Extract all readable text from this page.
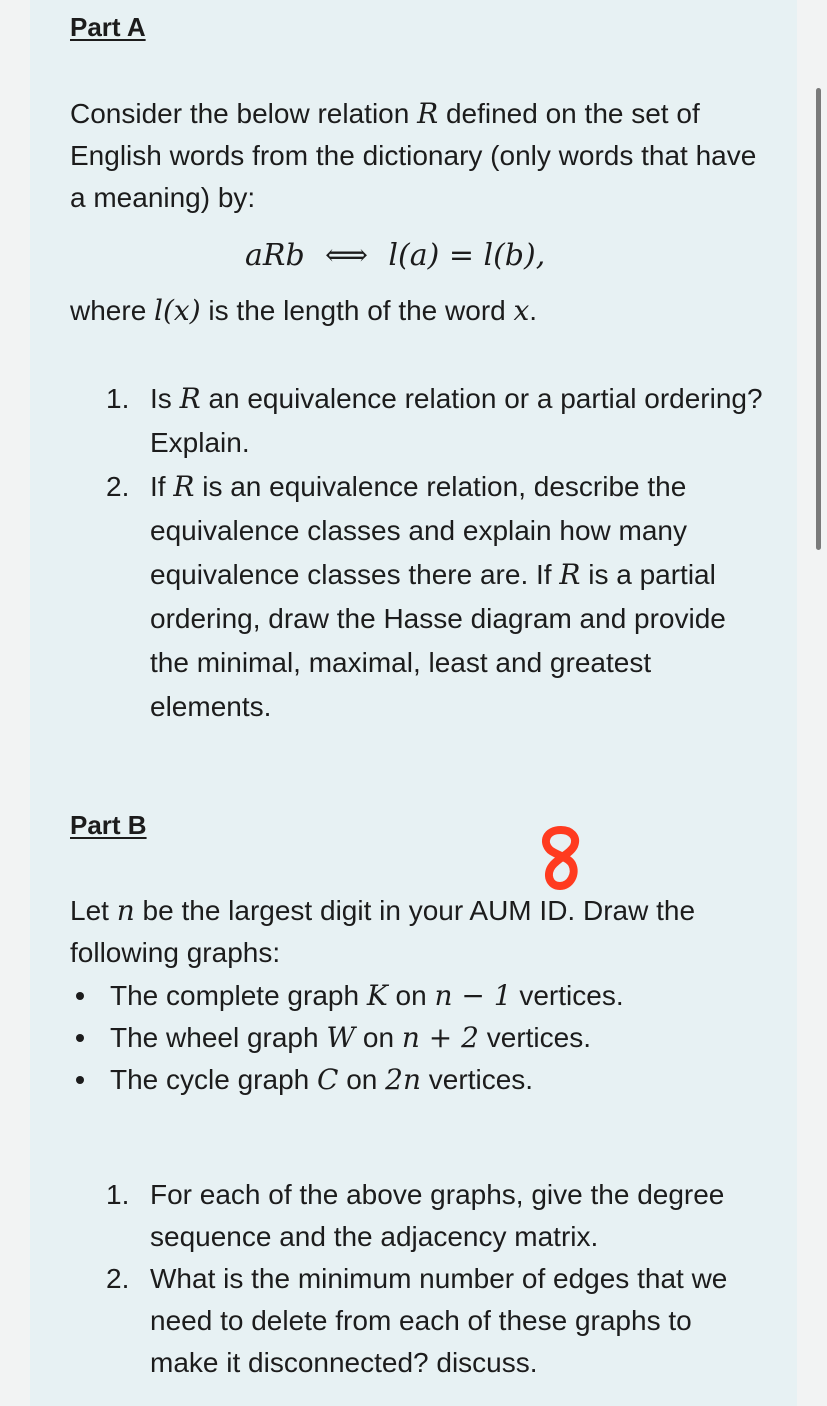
Part A

Consider the below relation R defined on the set of English words from the dictionary (only words that have a meaning) by:

aRb ⟺ l(a) = l(b),

where l(x) is the length of the word x.

1. Is R an equivalence relation or a partial ordering? Explain.
2. If R is an equivalence relation, describe the equivalence classes and explain how many equivalence classes there are. If R is a partial ordering, draw the Hasse diagram and provide the minimal, maximal, least and greatest elements.
Part B

Let n be the largest digit in your AUM ID. Draw the following graphs:

The complete graph K on n − 1 vertices.
The wheel graph W on n + 2 vertices.
The cycle graph C on 2n vertices.
1. For each of the above graphs, give the degree sequence and the adjacency matrix.
2. What is the minimum number of edges that we need to delete from each of these graphs to make it disconnected? discuss.
